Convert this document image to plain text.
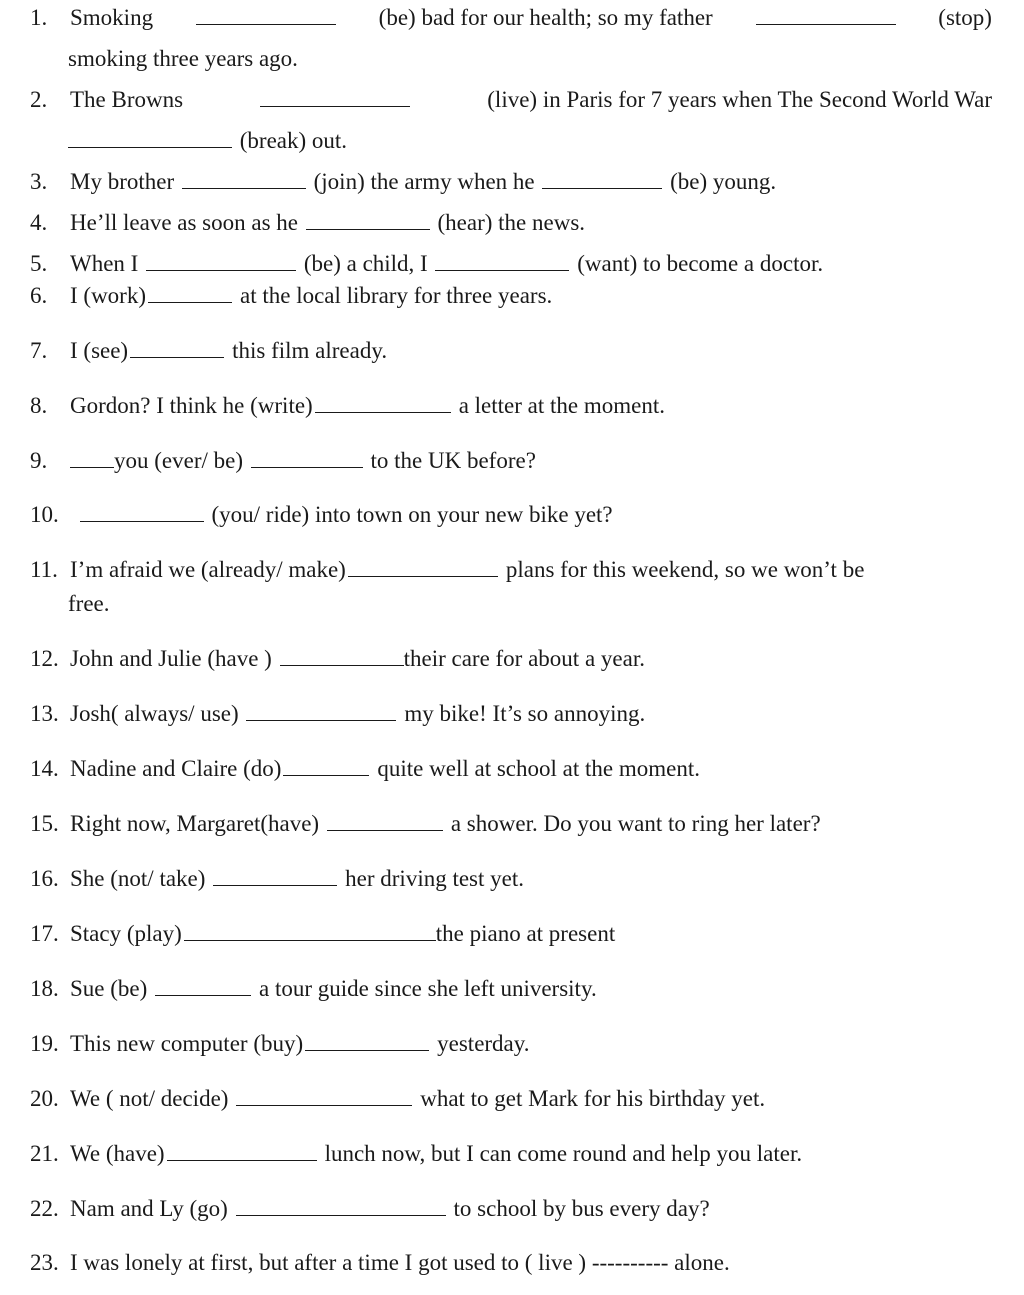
1. Smoking	(be) bad for our health; so my father	(stop)
smoking three years ago.
2. The Browns	(live) in Paris for 7 years when The Second World War
(break) out.
3. My brother	(join) the army when he	(be) young.
4. He’ll leave as soon as he	(hear) the news.
5. When I	(be) a child, I	(want) to become a doctor.
6. I (work)	at the local library for three years.
7. I (see)	this film already.
8. Gordon? I think he (write)	a letter at the moment.
9.	you (ever/ be)	to the UK before?
10.	(you/ ride) into town on your new bike yet?
11. I’m afraid we (already/ make)	plans for this weekend, so we won’t be
free.
12. John and Julie (have )	their care for about a year.
13. Josh( always/ use)	my bike! It’s so annoying.
14. Nadine and Claire (do)	quite well at school at the moment.
15. Right now, Margaret(have)	a shower. Do you want to ring her later?
16. She (not/ take)	her driving test yet.
17. Stacy (play)	the piano at present
18. Sue (be)	a tour guide since she left university.
19. This new computer (buy)	yesterday.
20. We ( not/ decide)	what to get Mark for his birthday yet.
21. We (have)	lunch now, but I can come round and help you later.
22. Nam and Ly (go)	to school by bus every day?
23. I was lonely at first, but after a time I got used to ( live ) ---------- alone.
